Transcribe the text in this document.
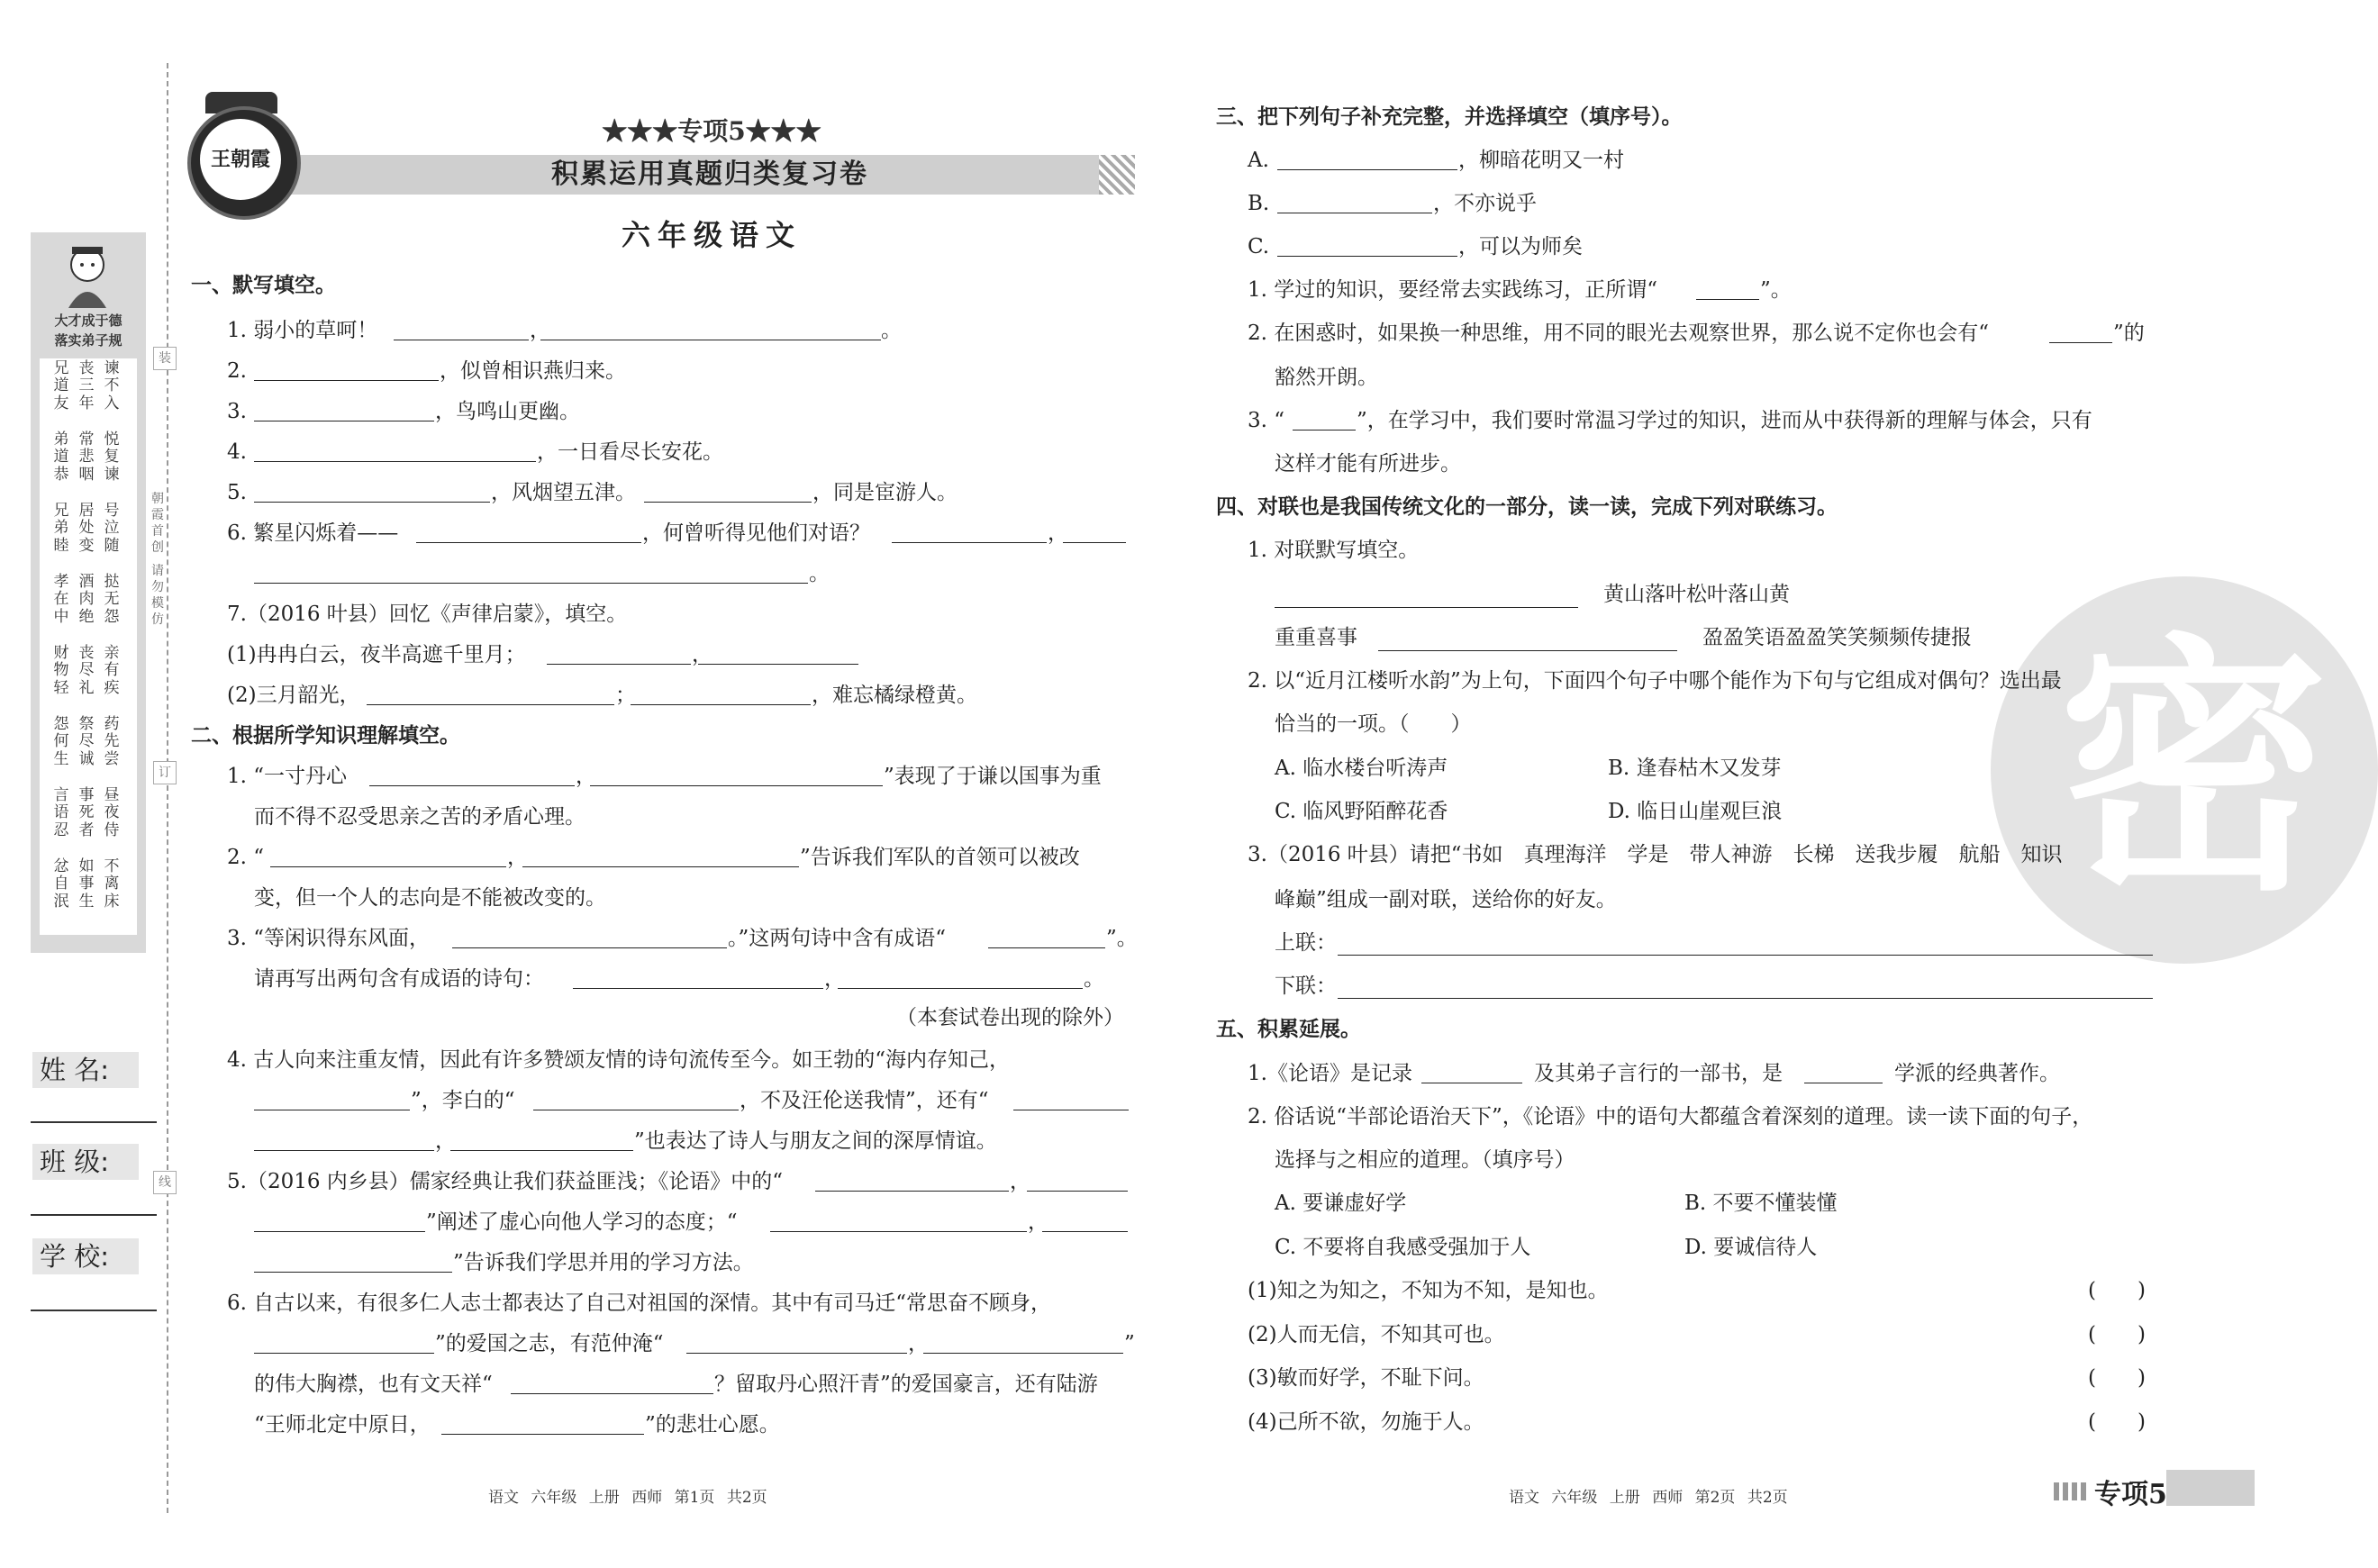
大才成于德
落实弟子规
兄道友
丧三年
谏不入
弟道恭
常悲咽
悦复谏
兄弟睦
居处变
号泣随
孝在中
酒肉绝
挞无怨
财物轻
丧尽礼
亲有疾
怨何生
祭尽诚
药先尝
言语忍
事死者
昼夜侍
忿自泯
如事生
不离床
朝霞首创
请勿模仿
装
订
线
姓 名:
班 级:
学 校:
王朝霞
★★★专项5★★★
积累运用真题归类复习卷
六年级语文
一、默写填空。
1. 弱小的草呵！	，	。
2.	，似曾相识燕归来。
3.	，鸟鸣山更幽。
4.	，一日看尽长安花。
5.	，风烟望五津。	，同是宦游人。
6. 繁星闪烁着——	，何曾听得见他们对语？	，
。
7.（2016 叶县）回忆《声律启蒙》，填空。
(1)冉冉白云，夜半高遮千里月；	，
(2)三月韶光，	；	，难忘橘绿橙黄。
二、根据所学知识理解填空。
1. “一寸丹心	，	”表现了于谦以国事为重
而不得不忍受思亲之苦的矛盾心理。
2. “	，	”告诉我们军队的首领可以被改
变，但一个人的志向是不能被改变的。
3. “等闲识得东风面，	。”这两句诗中含有成语“	”。
请再写出两句含有成语的诗句：	，	。
（本套试卷出现的除外）
4. 古人向来注重友情，因此有许多赞颂友情的诗句流传至今。如王勃的“海内存知己，
”，李白的“	，不及汪伦送我情”，还有“
，	”也表达了诗人与朋友之间的深厚情谊。
5.（2016 内乡县）儒家经典让我们获益匪浅；《论语》中的“	，
”阐述了虚心向他人学习的态度；“	，
”告诉我们学思并用的学习方法。
6. 自古以来，有很多仁人志士都表达了自己对祖国的深情。其中有司马迁“常思奋不顾身，
”的爱国之志，有范仲淹“	，	”
的伟大胸襟，也有文天祥“	？留取丹心照汗青”的爱国豪言，还有陆游
“王师北定中原日，	”的悲壮心愿。
语文 六年级 上册 西师 第1页 共2页
密
三、把下列句子补充完整，并选择填空（填序号）。
A.	，柳暗花明又一村
B.	，不亦说乎
C.	，可以为师矣
1. 学过的知识，要经常去实践练习，正所谓“	”。
2. 在困惑时，如果换一种思维，用不同的眼光去观察世界，那么说不定你也会有“	”的
豁然开朗。
3. “	”，在学习中，我们要时常温习学过的知识，进而从中获得新的理解与体会，只有
这样才能有所进步。
四、对联也是我国传统文化的一部分，读一读，完成下列对联练习。
1. 对联默写填空。
黄山落叶松叶落山黄
重重喜事	盈盈笑语盈盈笑笑频频传捷报
2. 以“近月江楼听水韵”为上句，下面四个句子中哪个能作为下句与它组成对偶句？选出最
恰当的一项。（　　）
A. 临水楼台听涛声	B. 逢春枯木又发芽
C. 临风野陌醉花香	D. 临日山崖观巨浪
3.（2016 叶县）请把“书如　真理海洋　学是　带人神游　长梯　送我步履　航船　知识
峰巅”组成一副对联，送给你的好友。
上联：
下联：
五、积累延展。
1.《论语》是记录	及其弟子言行的一部书，是	学派的经典著作。
2. 俗话说“半部论语治天下”，《论语》中的语句大都蕴含着深刻的道理。读一读下面的句子，
选择与之相应的道理。（填序号）
A. 要谦虚好学	B. 不要不懂装懂
C. 不要将自我感受强加于人	D. 要诚信待人
(1)知之为知之，不知为不知，是知也。	(　　)
(2)人而无信，不知其可也。	(　　)
(3)敏而好学，不耻下问。	(　　)
(4)己所不欲，勿施于人。	(　　)
语文 六年级 上册 西师 第2页 共2页	专项5
